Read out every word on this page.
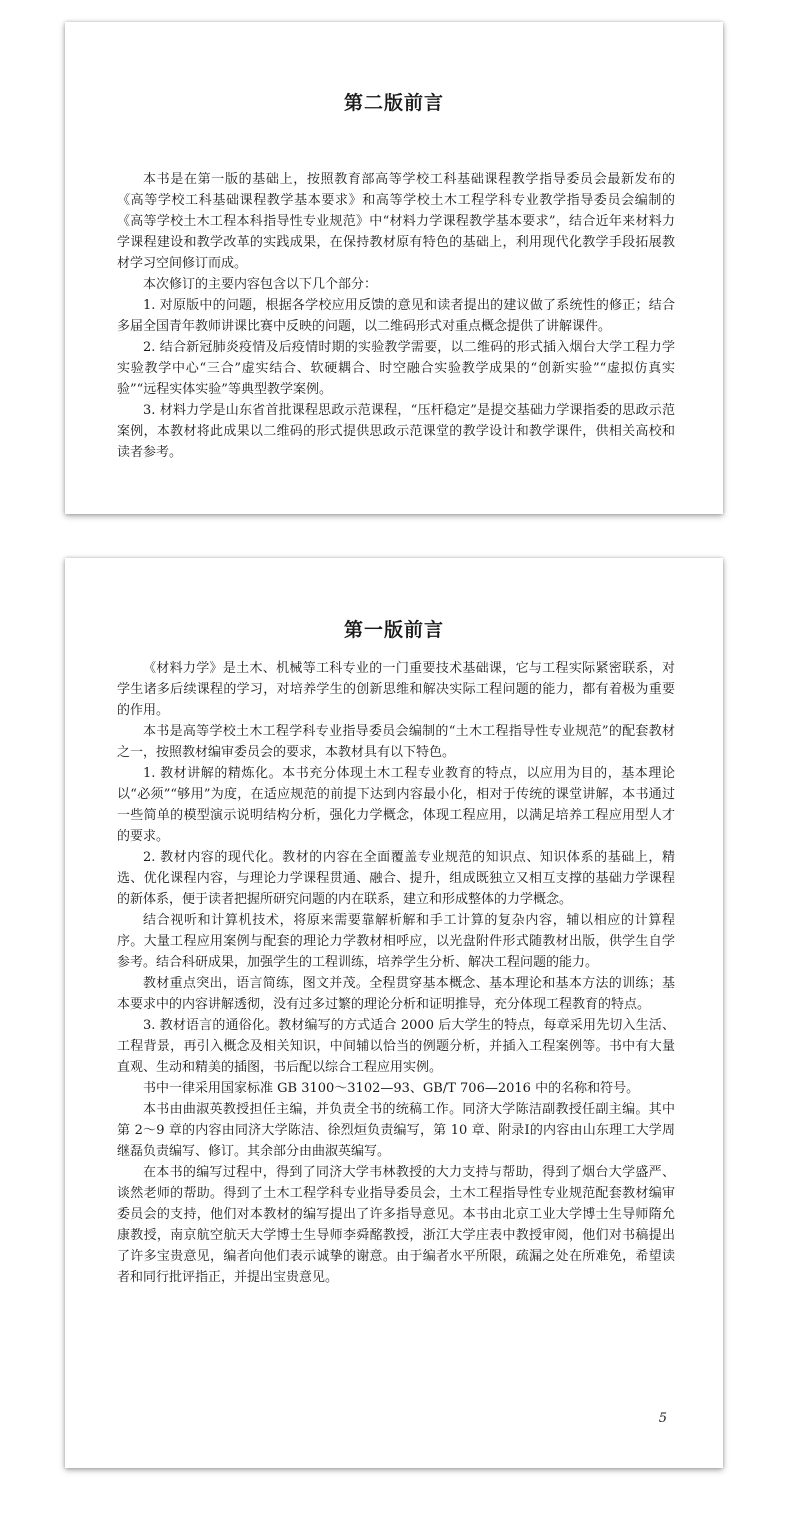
第二版前言

本书是在第一版的基础上，按照教育部高等学校工科基础课程教学指导委员会最新发布的《高等学校工科基础课程教学基本要求》和高等学校土木工程学科专业教学指导委员会编制的《高等学校土木工程本科指导性专业规范》中“材料力学课程教学基本要求”，结合近年来材料力学课程建设和教学改革的实践成果，在保持教材原有特色的基础上，利用现代化教学手段拓展教材学习空间修订而成。

本次修订的主要内容包含以下几个部分：

1. 对原版中的问题，根据各学校应用反馈的意见和读者提出的建议做了系统性的修正；结合多届全国青年教师讲课比赛中反映的问题，以二维码形式对重点概念提供了讲解课件。

2. 结合新冠肺炎疫情及后疫情时期的实验教学需要，以二维码的形式插入烟台大学工程力学实验教学中心“三合”虚实结合、软硬耦合、时空融合实验教学成果的“创新实验”“虚拟仿真实验”“远程实体实验”等典型教学案例。

3. 材料力学是山东省首批课程思政示范课程，“压杆稳定”是提交基础力学课指委的思政示范案例，本教材将此成果以二维码的形式提供思政示范课堂的教学设计和教学课件，供相关高校和读者参考。

第一版前言

《材料力学》是土木、机械等工科专业的一门重要技术基础课，它与工程实际紧密联系，对学生诸多后续课程的学习，对培养学生的创新思维和解决实际工程问题的能力，都有着极为重要的作用。

本书是高等学校土木工程学科专业指导委员会编制的“土木工程指导性专业规范”的配套教材之一，按照教材编审委员会的要求，本教材具有以下特色。

1. 教材讲解的精炼化。本书充分体现土木工程专业教育的特点，以应用为目的，基本理论以“必须”“够用”为度，在适应规范的前提下达到内容最小化，相对于传统的课堂讲解，本书通过一些简单的模型演示说明结构分析，强化力学概念，体现工程应用，以满足培养工程应用型人才的要求。

2. 教材内容的现代化。教材的内容在全面覆盖专业规范的知识点、知识体系的基础上，精选、优化课程内容，与理论力学课程贯通、融合、提升，组成既独立又相互支撑的基础力学课程的新体系，便于读者把握所研究问题的内在联系，建立和形成整体的力学概念。

结合视听和计算机技术，将原来需要靠解析解和手工计算的复杂内容，辅以相应的计算程序。大量工程应用案例与配套的理论力学教材相呼应，以光盘附件形式随教材出版，供学生自学参考。结合科研成果，加强学生的工程训练，培养学生分析、解决工程问题的能力。

教材重点突出，语言简练，图文并茂。全程贯穿基本概念、基本理论和基本方法的训练；基本要求中的内容讲解透彻，没有过多过繁的理论分析和证明推导，充分体现工程教育的特点。

3. 教材语言的通俗化。教材编写的方式适合 2000 后大学生的特点，每章采用先切入生活、工程背景，再引入概念及相关知识，中间辅以恰当的例题分析，并插入工程案例等。书中有大量直观、生动和精美的插图，书后配以综合工程应用实例。

书中一律采用国家标准 GB 3100～3102—93、GB/T 706—2016 中的名称和符号。

本书由曲淑英教授担任主编，并负责全书的统稿工作。同济大学陈洁副教授任副主编。其中第 2～9 章的内容由同济大学陈洁、徐烈烜负责编写，第 10 章、附录Ⅰ的内容由山东理工大学周继磊负责编写、修订。其余部分由曲淑英编写。

在本书的编写过程中，得到了同济大学韦林教授的大力支持与帮助，得到了烟台大学盛严、谈然老师的帮助。得到了土木工程学科专业指导委员会，土木工程指导性专业规范配套教材编审委员会的支持，他们对本教材的编写提出了许多指导意见。本书由北京工业大学博士生导师隋允康教授，南京航空航天大学博士生导师李舜酩教授，浙江大学庄表中教授审阅，他们对书稿提出了许多宝贵意见，编者向他们表示诚挚的谢意。由于编者水平所限，疏漏之处在所难免，希望读者和同行批评指正，并提出宝贵意见。

5
